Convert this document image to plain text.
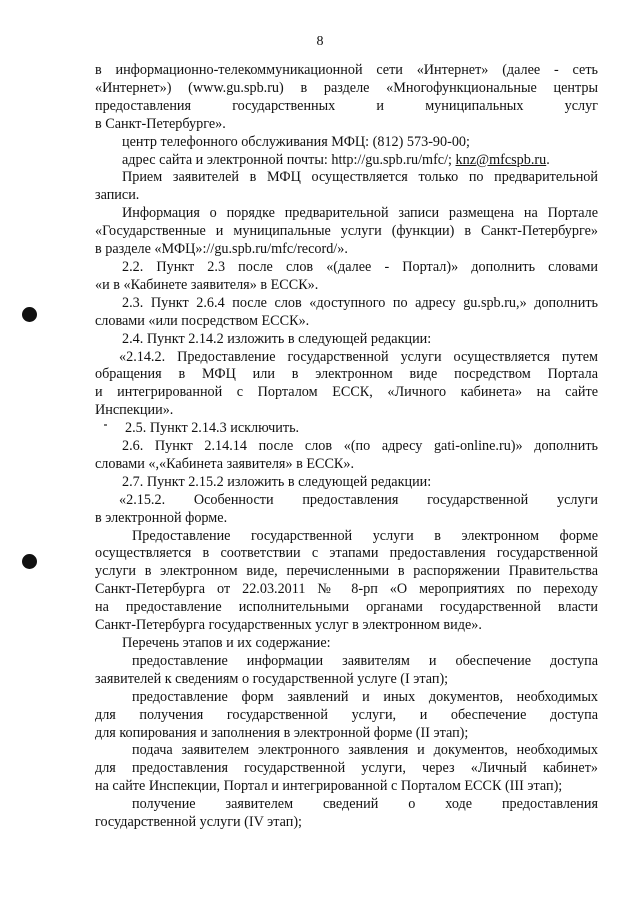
8
в информационно-телекоммуникационной сети «Интернет» (далее - сеть
«Интернет») (www.gu.spb.ru) в разделе «Многофункциональные центры
предоставления государственных и муниципальных услуг
в Санкт-Петербурге».
центр телефонного обслуживания МФЦ: (812) 573-90-00;
адрес сайта и электронной почты: http://gu.spb.ru/mfc/; knz@mfcspb.ru.
Прием заявителей в МФЦ осуществляется только по предварительной
записи.
Информация о порядке предварительной записи размещена на Портале
«Государственные и муниципальные услуги (функции) в Санкт-Петербурге»
в разделе «МФЦ»://gu.spb.ru/mfc/record/».
2.2. Пункт 2.3 после слов «(далее - Портал)» дополнить словами
«и в «Кабинете заявителя» в ЕССК».
2.3. Пункт 2.6.4 после слов «доступного по адресу gu.spb.ru,» дополнить
словами «или посредством ЕССК».
2.4. Пункт 2.14.2 изложить в следующей редакции:
«2.14.2. Предоставление государственной услуги осуществляется путем
обращения в МФЦ или в электронном виде посредством Портала
и интегрированной с Порталом ЕССК, «Личного кабинета» на сайте
Инспекции».
2.5. Пункт 2.14.3 исключить.
2.6. Пункт 2.14.14 после слов «(по адресу gati-online.ru)» дополнить
словами «,«Кабинета заявителя» в ЕССК».
2.7. Пункт 2.15.2 изложить в следующей редакции:
«2.15.2. Особенности предоставления государственной услуги
в электронной форме.
Предоставление государственной услуги в электронном форме
осуществляется в соответствии с этапами предоставления государственной
услуги в электронном виде, перечисленными в распоряжении Правительства
Санкт-Петербурга от 22.03.2011 № 8-рп «О мероприятиях по переходу
на предоставление исполнительными органами государственной власти
Санкт-Петербурга государственных услуг в электронном виде».
Перечень этапов и их содержание:
предоставление информации заявителям и обеспечение доступа
заявителей к сведениям о государственной услуге (I этап);
предоставление форм заявлений и иных документов, необходимых
для получения государственной услуги, и обеспечение доступа
для копирования и заполнения в электронной форме (II этап);
подача заявителем электронного заявления и документов, необходимых
для предоставления государственной услуги, через «Личный кабинет»
на сайте Инспекции, Портал и интегрированной с Порталом ЕССК (III этап);
получение заявителем сведений о ходе предоставления
государственной услуги (IV этап);
